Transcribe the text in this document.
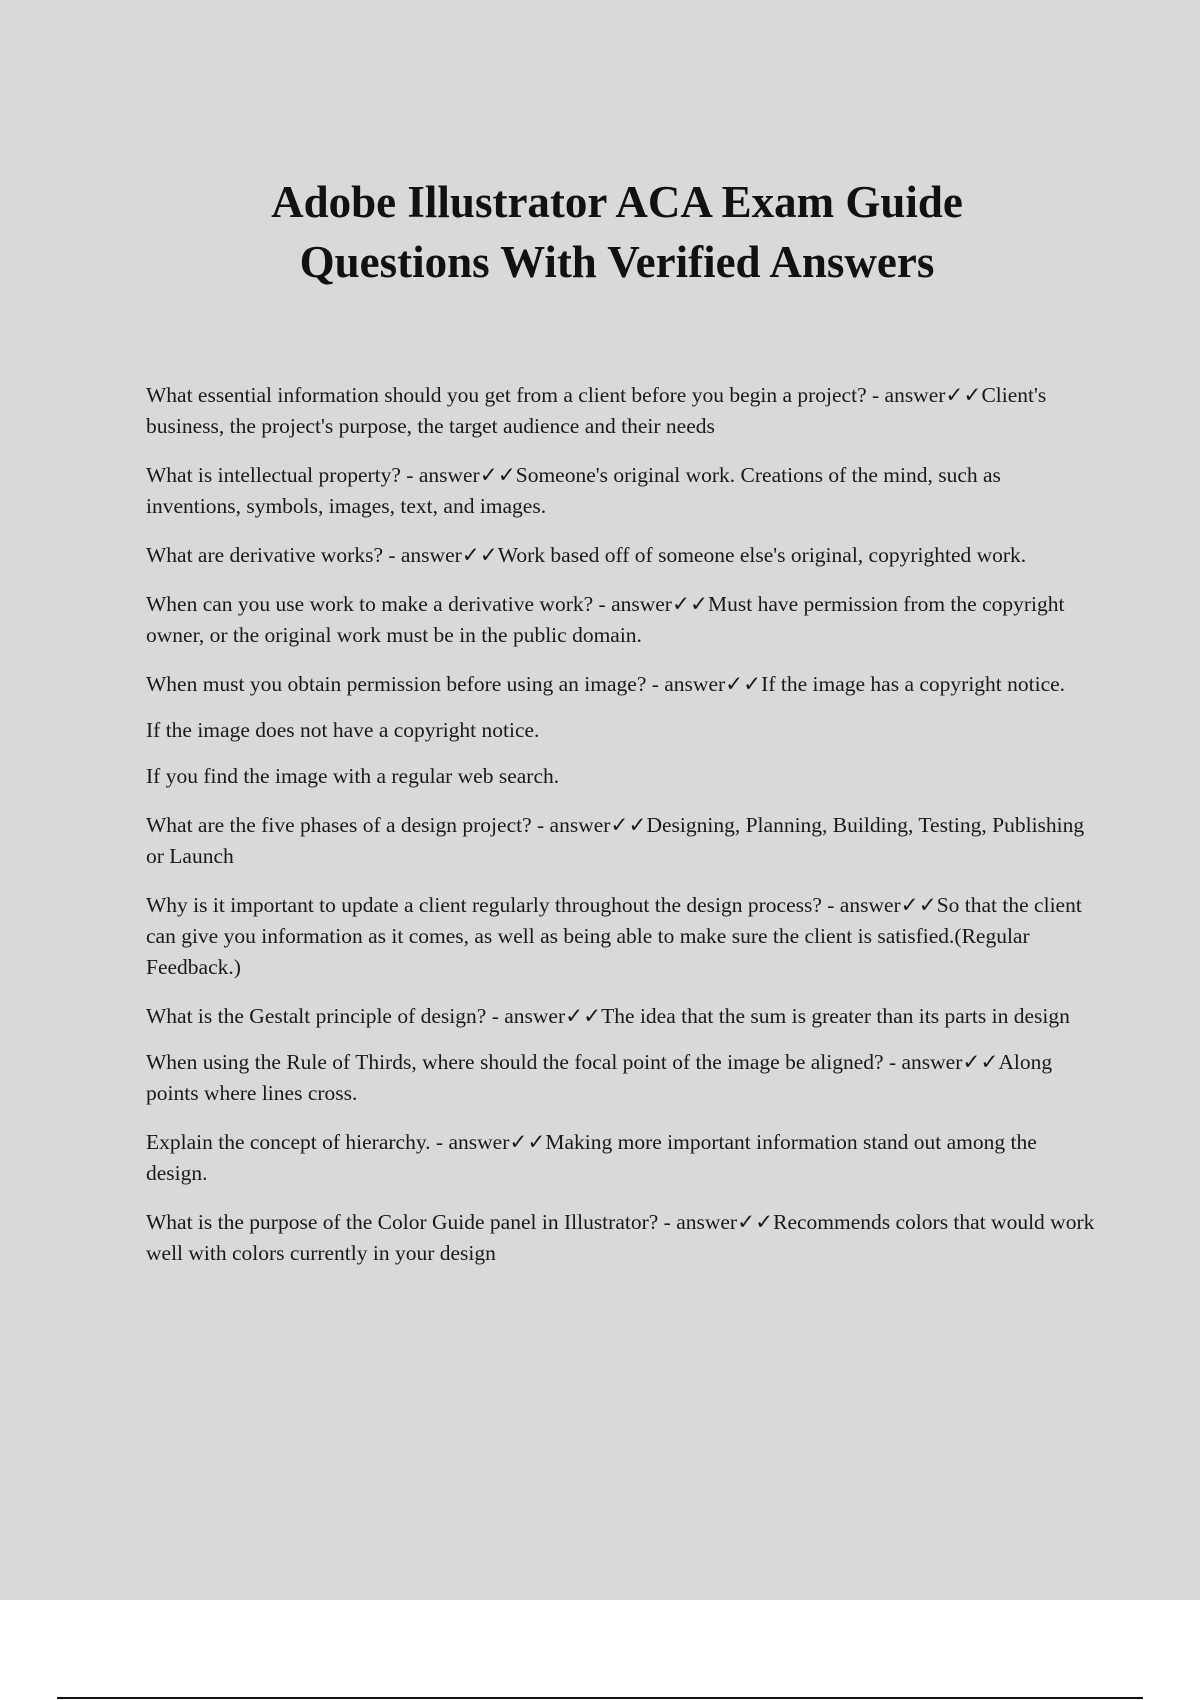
Adobe Illustrator ACA Exam Guide
Questions With Verified Answers

What essential information should you get from a client before you begin a project? - answer✓✓Client's business, the project's purpose, the target audience and their needs

What is intellectual property? - answer✓✓Someone's original work. Creations of the mind, such as inventions, symbols, images, text, and images.

What are derivative works? - answer✓✓Work based off of someone else's original, copyrighted work.

When can you use work to make a derivative work? - answer✓✓Must have permission from the copyright owner, or the original work must be in the public domain.

When must you obtain permission before using an image? - answer✓✓If the image has a copyright notice.

If the image does not have a copyright notice.

If you find the image with a regular web search.

What are the five phases of a design project? - answer✓✓Designing, Planning, Building, Testing, Publishing or Launch

Why is it important to update a client regularly throughout the design process? - answer✓✓So that the client can give you information as it comes, as well as being able to make sure the client is satisfied.(Regular Feedback.)

What is the Gestalt principle of design? - answer✓✓The idea that the sum is greater than its parts in design

When using the Rule of Thirds, where should the focal point of the image be aligned? - answer✓✓Along points where lines cross.

Explain the concept of hierarchy. - answer✓✓Making more important information stand out among the design.

What is the purpose of the Color Guide panel in Illustrator? - answer✓✓Recommends colors that would work well with colors currently in your design
